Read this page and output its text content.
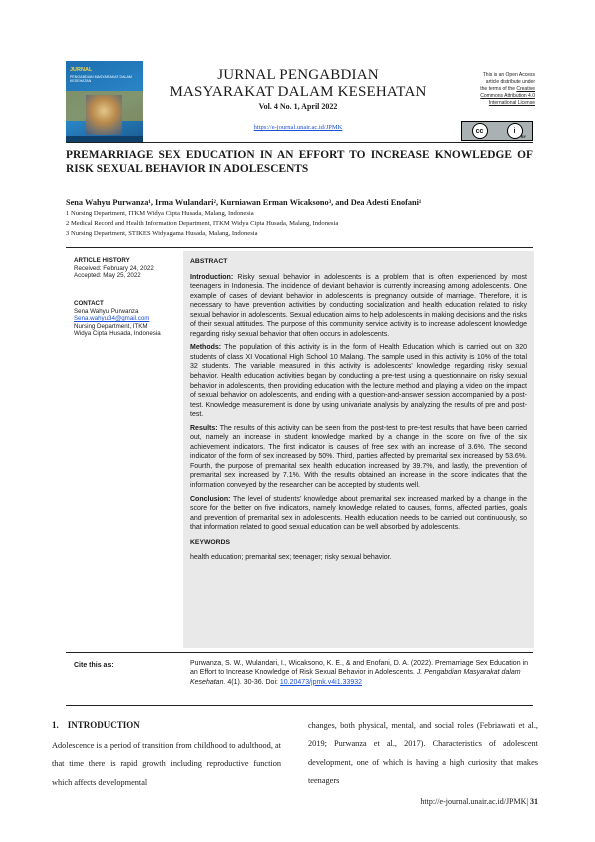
JURNAL
PENGABDIAN MASYARAKAT DALAM KESEHATAN	JURNAL PENGABDIAN
MASYARAKAT DALAM KESEHATAN
Vol. 4 No. 1, April 2022
https://e-journal.unair.ac.id/JPMK
This is an Open Access
article distribute under
the terms of the Creative
Commons Attribution 4.0
International License
cc	i
BY
PREMARRIAGE SEX EDUCATION IN AN EFFORT TO INCREASE KNOWLEDGE OF RISK SEXUAL BEHAVIOR IN ADOLESCENTS
Sena Wahyu Purwanza¹, Irma Wulandari², Kurniawan Erman Wicaksono³, and Dea Adesti Enofani¹
1 Nursing Department, ITKM Widya Cipta Husada, Malang, Indonesia
2 Medical Record and Health Information Department, ITKM Widya Cipta Husada, Malang, Indonesia
3 Nursing Department, STIKES Widyagama Husada, Malang, Indonesia
ARTICLE HISTORY
Received: February 24, 2022
Accepted: May 25, 2022
CONTACT
Sena Wahyu Purwanza
Sena.wahyu34@gmail.com
Nursing Department, ITKM
Widya Cipta Husada, Indonesia
ABSTRACT

Introduction: Risky sexual behavior in adolescents is a problem that is often experienced by most teenagers in Indonesia. The incidence of deviant behavior is currently increasing among adolescents. One example of cases of deviant behavior in adolescents is pregnancy outside of marriage. Therefore, it is necessary to have prevention activities by conducting socialization and health education related to risky sexual behavior in adolescents. Sexual education aims to help adolescents in making decisions and the risks of their sexual attitudes. The purpose of this community service activity is to increase adolescent knowledge regarding risky sexual behavior that often occurs in adolescents.

Methods: The population of this activity is in the form of Health Education which is carried out on 320 students of class XI Vocational High School 10 Malang. The sample used in this activity is 10% of the total 32 students. The variable measured in this activity is adolescents' knowledge regarding risky sexual behavior. Health education activities began by conducting a pre-test using a questionnaire on risky sexual behavior in adolescents, then providing education with the lecture method and playing a video on the impact of sexual behavior on adolescents, and ending with a question-and-answer session accompanied by a post-test. Knowledge measurement is done by using univariate analysis by analyzing the results of pre and post-test.

Results: The results of this activity can be seen from the post-test to pre-test results that have been carried out, namely an increase in student knowledge marked by a change in the score on five of the six achievement indicators. The first indicator is causes of free sex with an increase of 3.6%. The second indicator of the form of sex increased by 50%. Third, parties affected by premarital sex increased by 53.6%. Fourth, the purpose of premarital sex health education increased by 39.7%, and lastly, the prevention of premarital sex increased by 7.1%. With the results obtained an increase in the score indicates that the information conveyed by the researcher can be accepted by students well.

Conclusion: The level of students' knowledge about premarital sex increased marked by a change in the score for the better on five indicators, namely knowledge related to causes, forms, affected parties, goals and prevention of premarital sex in adolescents. Health education needs to be carried out continuously, so that information related to good sexual education can be well absorbed by adolescents.

KEYWORDS
health education; premarital sex; teenager; risky sexual behavior.
Cite this as:	Purwanza, S. W., Wulandari, I., Wicaksono, K. E., & and Enofani, D. A. (2022). Premarriage Sex Education in an Effort to Increase Knowledge of Risk Sexual Behavior in Adolescents. J. Pengabdian Masyarakat dalam Kesehatan. 4(1). 30-36. Doi: 10.20473/jpmk.v4i1.33932
1.    INTRODUCTION
Adolescence is a period of transition from childhood to adulthood, at that time there is rapid growth including reproductive function which affects developmental
changes, both physical, mental, and social roles (Febriawati et al., 2019; Purwanza et al., 2017). Characteristics of adolescent development, one of which is having a high curiosity that makes teenagers
http://e-journal.unair.ac.id/JPMK| 31
